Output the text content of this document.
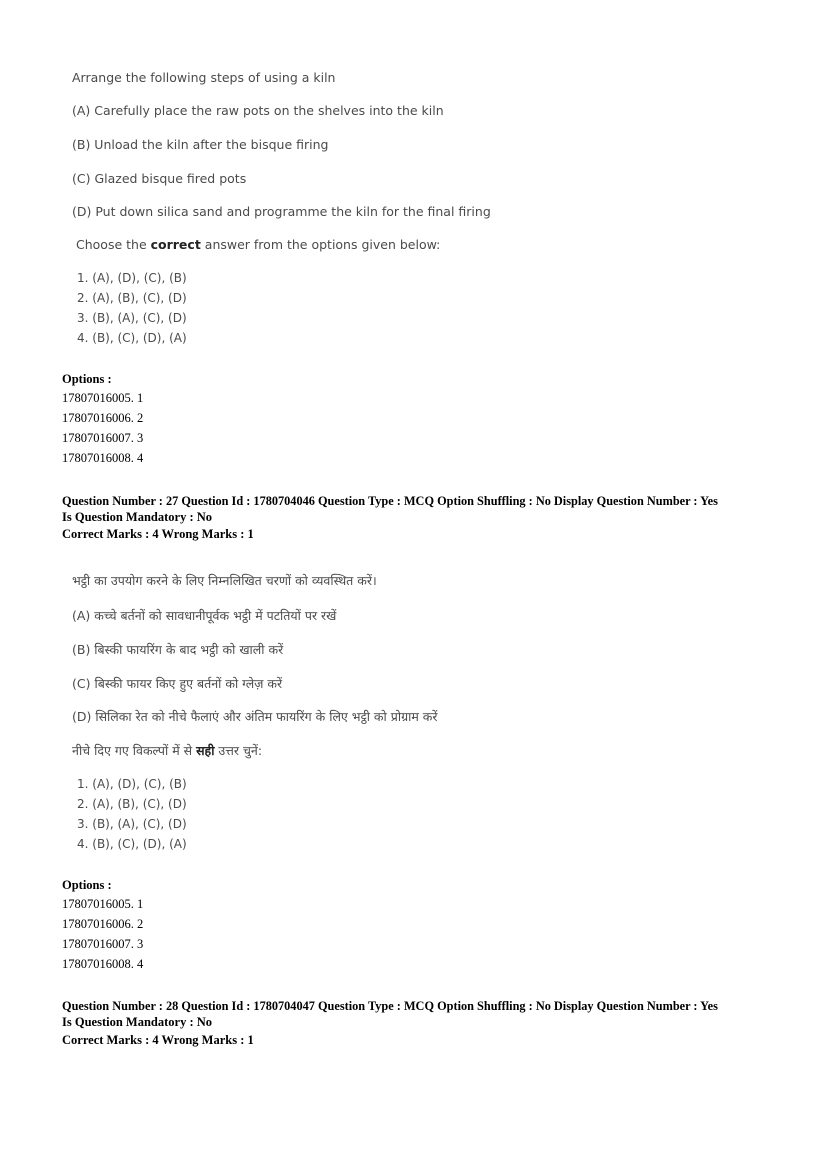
Arrange the following steps of using a kiln
(A) Carefully place the raw pots on the shelves into the kiln
(B) Unload the kiln after the bisque firing
(C) Glazed bisque fired pots
(D) Put down silica sand and programme the kiln for the final firing
Choose the correct answer from the options given below:
1. (A), (D), (C), (B)
2. (A), (B), (C), (D)
3. (B), (A), (C), (D)
4. (B), (C), (D), (A)
Options :
17807016005. 1
17807016006. 2
17807016007. 3
17807016008. 4
Question Number : 27 Question Id : 1780704046 Question Type : MCQ Option Shuffling : No Display Question Number : Yes
Is Question Mandatory : No
Correct Marks : 4 Wrong Marks : 1
भट्ठी का उपयोग करने के लिए निम्नलिखित चरणों को व्यवस्थित करें।
(A) कच्चे बर्तनों को सावधानीपूर्वक भट्ठी में पटतियों पर रखें
(B) बिस्की फायरिंग के बाद भट्ठी को खाली करें
(C) बिस्की फायर किए हुए बर्तनों को ग्लेज़ करें
(D) सिलिका रेत को नीचे फैलाएं और अंतिम फायरिंग के लिए भट्ठी को प्रोग्राम करें
नीचे दिए गए विकल्पों में से सही उत्तर चुनें:
1. (A), (D), (C), (B)
2. (A), (B), (C), (D)
3. (B), (A), (C), (D)
4. (B), (C), (D), (A)
Options :
17807016005. 1
17807016006. 2
17807016007. 3
17807016008. 4
Question Number : 28 Question Id : 1780704047 Question Type : MCQ Option Shuffling : No Display Question Number : Yes
Is Question Mandatory : No
Correct Marks : 4 Wrong Marks : 1
